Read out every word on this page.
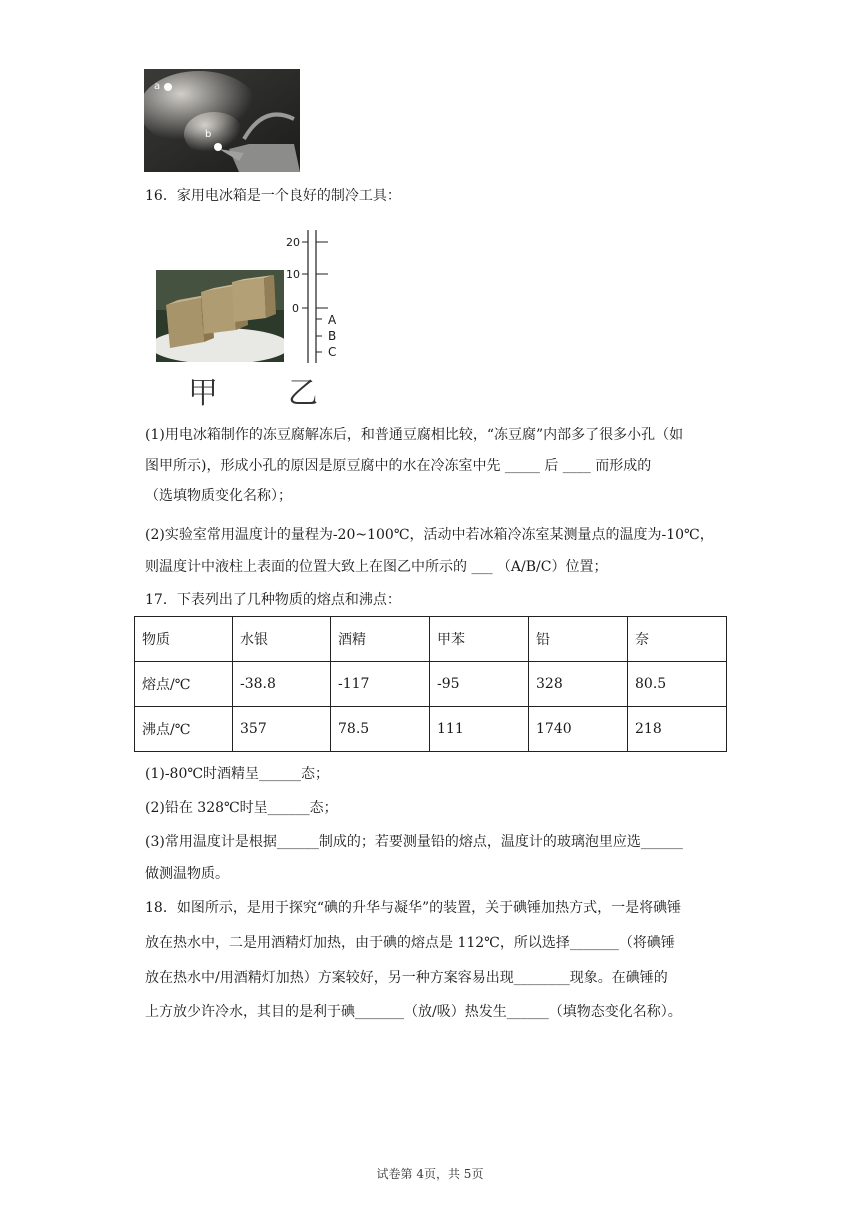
a
b
16．家用电冰箱是一个良好的制冷工具：
20
10
0
A
B
C
甲 乙
(1)用电冰箱制作的冻豆腐解冻后，和普通豆腐相比较，“冻豆腐”内部多了很多小孔（如
图甲所示)，形成小孔的原因是原豆腐中的水在冷冻室中先 _____ 后 ____ 而形成的
（选填物质变化名称）；
(2)实验室常用温度计的量程为-20~100℃，活动中若冰箱冷冻室某测量点的温度为-10℃，
则温度计中液柱上表面的位置大致上在图乙中所示的 ___ （A/B/C）位置；
17．下表列出了几种物质的熔点和沸点：
物质	水银	酒精	甲苯	铅	奈
熔点/℃	-38.8	-117	-95	328	80.5
沸点/℃	357	78.5	111	1740	218
(1)-80℃时酒精呈______态；
(2)铅在 328℃时呈______态；
(3)常用温度计是根据______制成的；若要测量铅的熔点，温度计的玻璃泡里应选______
做测温物质。
18．如图所示，是用于探究“碘的升华与凝华”的装置，关于碘锤加热方式，一是将碘锤
放在热水中，二是用酒精灯加热，由于碘的熔点是 112℃，所以选择_______（将碘锤
放在热水中/用酒精灯加热）方案较好，另一种方案容易出现________现象。在碘锤的
上方放少许冷水，其目的是利于碘_______（放/吸）热发生______（填物态变化名称）。
试卷第 4页，共 5页
